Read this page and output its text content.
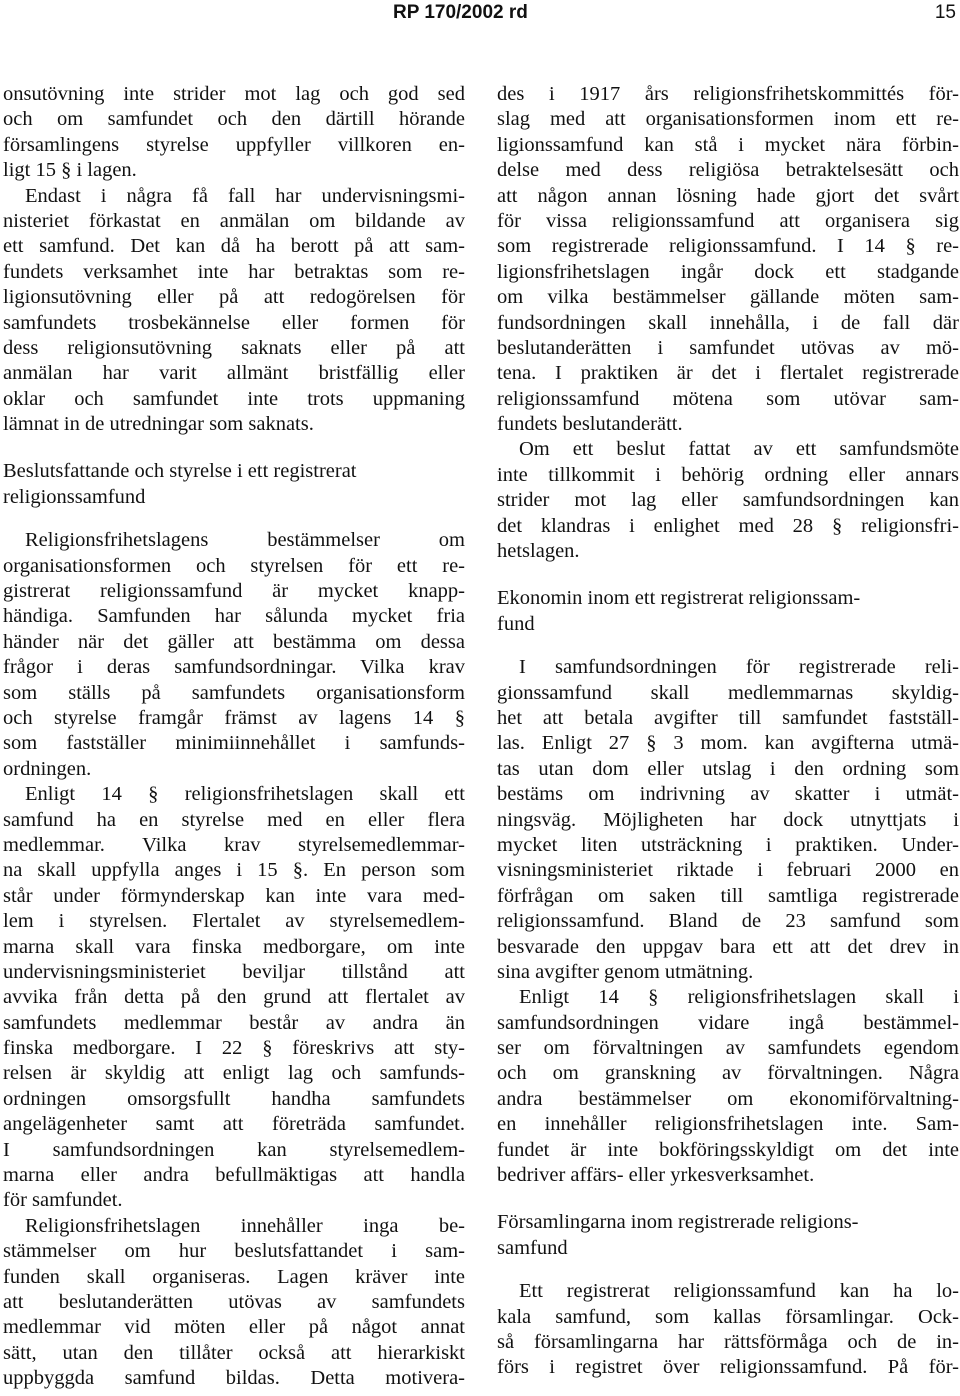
RP 170/2002 rd	15
onsutövning inte strider mot lag och god sed
och om samfundet och den därtill hörande
församlingens styrelse uppfyller villkoren en-
ligt 15 § i lagen.
Endast i några få fall har undervisningsmi-
nisteriet förkastat en anmälan om bildande av
ett samfund. Det kan då ha berott på att sam-
fundets verksamhet inte har betraktas som re-
ligionsutövning eller på att redogörelsen för
samfundets trosbekännelse eller formen för
dess religionsutövning saknats eller på att
anmälan har varit allmänt bristfällig eller
oklar och samfundet inte trots uppmaning
lämnat in de utredningar som saknats.
Beslutsfattande och styrelse i ett registrerat
religionssamfund
Religionsfrihetslagens bestämmelser om
organisationsformen och styrelsen för ett re-
gistrerat religionssamfund är mycket knapp-
händiga. Samfunden har sålunda mycket fria
händer när det gäller att bestämma om dessa
frågor i deras samfundsordningar. Vilka krav
som ställs på samfundets organisationsform
och styrelse framgår främst av lagens 14 §
som fastställer minimiinnehållet i samfunds-
ordningen.
Enligt 14 § religionsfrihetslagen skall ett
samfund ha en styrelse med en eller flera
medlemmar. Vilka krav styrelsemedlemmar-
na skall uppfylla anges i 15 §. En person som
står under förmynderskap kan inte vara med-
lem i styrelsen. Flertalet av styrelsemedlem-
marna skall vara finska medborgare, om inte
undervisningsministeriet beviljar tillstånd att
avvika från detta på den grund att flertalet av
samfundets medlemmar består av andra än
finska medborgare. I 22 § föreskrivs att sty-
relsen är skyldig att enligt lag och samfunds-
ordningen omsorgsfullt handha samfundets
angelägenheter samt att företräda samfundet.
I samfundsordningen kan styrelsemedlem-
marna eller andra befullmäktigas att handla
för samfundet.
Religionsfrihetslagen innehåller inga be-
stämmelser om hur beslutsfattandet i sam-
funden skall organiseras. Lagen kräver inte
att beslutanderätten utövas av samfundets
medlemmar vid möten eller på något annat
sätt, utan den tillåter också att hierarkiskt
uppbyggda samfund bildas. Detta motivera-
des i 1917 års religionsfrihetskommittés för-
slag med att organisationsformen inom ett re-
ligionssamfund kan stå i mycket nära förbin-
delse med dess religiösa betraktelsesätt och
att någon annan lösning hade gjort det svårt
för vissa religionssamfund att organisera sig
som registrerade religionssamfund. I 14 § re-
ligionsfrihetslagen ingår dock ett stadgande
om vilka bestämmelser gällande möten sam-
fundsordningen skall innehålla, i de fall där
beslutanderätten i samfundet utövas av mö-
tena. I praktiken är det i flertalet registrerade
religionssamfund mötena som utövar sam-
fundets beslutanderätt.
Om ett beslut fattat av ett samfundsmöte
inte tillkommit i behörig ordning eller annars
strider mot lag eller samfundsordningen kan
det klandras i enlighet med 28 § religionsfri-
hetslagen.
Ekonomin inom ett registrerat religionssam-
fund
I samfundsordningen för registrerade reli-
gionssamfund skall medlemmarnas skyldig-
het att betala avgifter till samfundet fastställ-
las. Enligt 27 § 3 mom. kan avgifterna utmä-
tas utan dom eller utslag i den ordning som
bestäms om indrivning av skatter i utmät-
ningsväg. Möjligheten har dock utnyttjats i
mycket liten utsträckning i praktiken. Under-
visningsministeriet riktade i februari 2000 en
förfrågan om saken till samtliga registrerade
religionssamfund. Bland de 23 samfund som
besvarade den uppgav bara ett att det drev in
sina avgifter genom utmätning.
Enligt 14 § religionsfrihetslagen skall i
samfundsordningen vidare ingå bestämmel-
ser om förvaltningen av samfundets egendom
och om granskning av förvaltningen. Några
andra bestämmelser om ekonomiförvaltning-
en innehåller religionsfrihetslagen inte. Sam-
fundet är inte bokföringsskyldigt om det inte
bedriver affärs- eller yrkesverksamhet.
Församlingarna inom registrerade religions-
samfund
Ett registrerat religionssamfund kan ha lo-
kala samfund, som kallas församlingar. Ock-
så församlingarna har rättsförmåga och de in-
förs i registret över religionssamfund. På för-
